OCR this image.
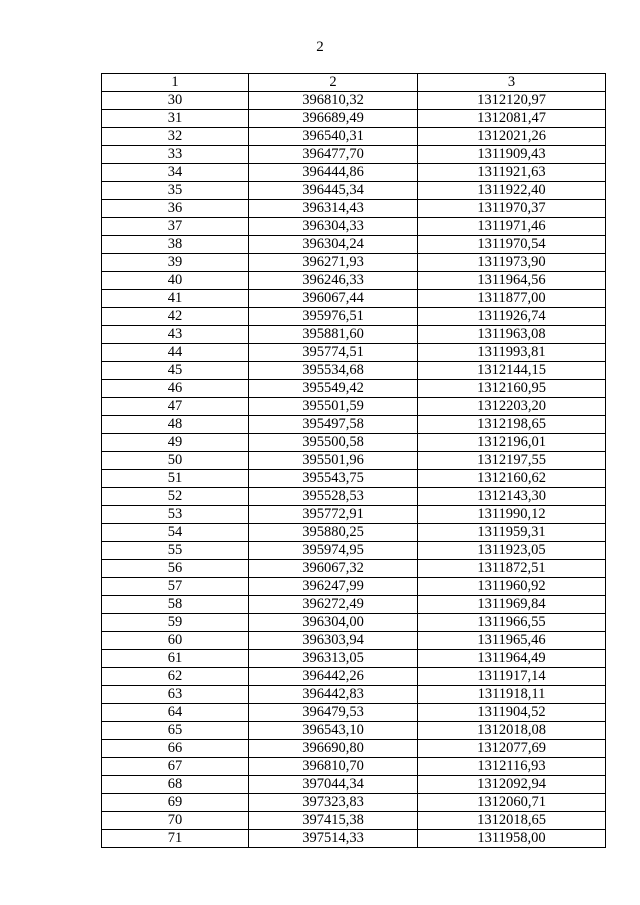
2
1	2	3
30	396810,32	1312120,97
31	396689,49	1312081,47
32	396540,31	1312021,26
33	396477,70	1311909,43
34	396444,86	1311921,63
35	396445,34	1311922,40
36	396314,43	1311970,37
37	396304,33	1311971,46
38	396304,24	1311970,54
39	396271,93	1311973,90
40	396246,33	1311964,56
41	396067,44	1311877,00
42	395976,51	1311926,74
43	395881,60	1311963,08
44	395774,51	1311993,81
45	395534,68	1312144,15
46	395549,42	1312160,95
47	395501,59	1312203,20
48	395497,58	1312198,65
49	395500,58	1312196,01
50	395501,96	1312197,55
51	395543,75	1312160,62
52	395528,53	1312143,30
53	395772,91	1311990,12
54	395880,25	1311959,31
55	395974,95	1311923,05
56	396067,32	1311872,51
57	396247,99	1311960,92
58	396272,49	1311969,84
59	396304,00	1311966,55
60	396303,94	1311965,46
61	396313,05	1311964,49
62	396442,26	1311917,14
63	396442,83	1311918,11
64	396479,53	1311904,52
65	396543,10	1312018,08
66	396690,80	1312077,69
67	396810,70	1312116,93
68	397044,34	1312092,94
69	397323,83	1312060,71
70	397415,38	1312018,65
71	397514,33	1311958,00
